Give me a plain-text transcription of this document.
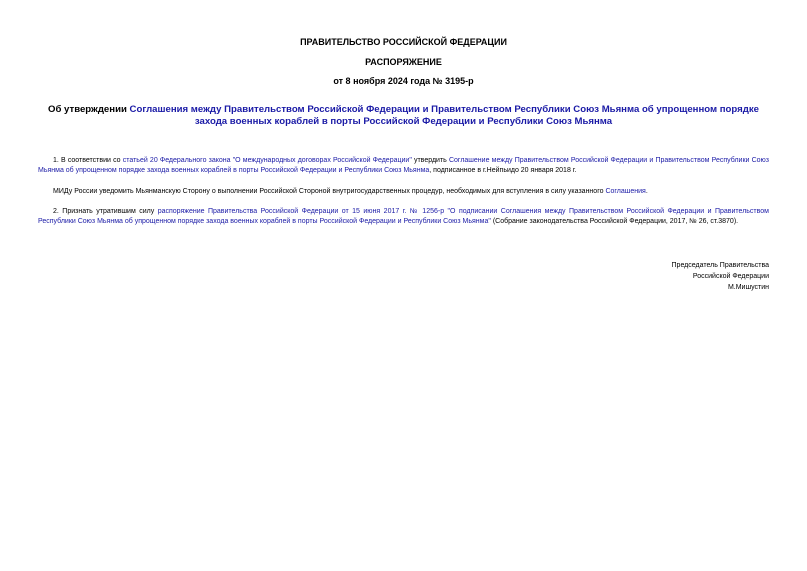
ПРАВИТЕЛЬСТВО РОССИЙСКОЙ ФЕДЕРАЦИИ
РАСПОРЯЖЕНИЕ
от 8 ноября 2024 года № 3195-р
Об утверждении Соглашения между Правительством Российской Федерации и Правительством Республики Союз Мьянма об упрощенном порядке захода военных кораблей в порты Российской Федерации и Республики Союз Мьянма
1. В соответствии со статьей 20 Федерального закона "О международных договорах Российской Федерации" утвердить Соглашение между Правительством Российской Федерации и Правительством Республики Союз Мьянма об упрощенном порядке захода военных кораблей в порты Российской Федерации и Республики Союз Мьянма, подписанное в г.Нейпьидо 20 января 2018 г.
МИДу России уведомить Мьянманскую Сторону о выполнении Российской Стороной внутригосударственных процедур, необходимых для вступления в силу указанного Соглашения.
2. Признать утратившим силу распоряжение Правительства Российской Федерации от 15 июня 2017 г. № 1256-р "О подписании Соглашения между Правительством Российской Федерации и Правительством Республики Союз Мьянма об упрощенном порядке захода военных кораблей в порты Российской Федерации и Республики Союз Мьянма" (Собрание законодательства Российской Федерации, 2017, № 26, ст.3870).
Председатель Правительства
Российской Федерации
М.Мишустин
